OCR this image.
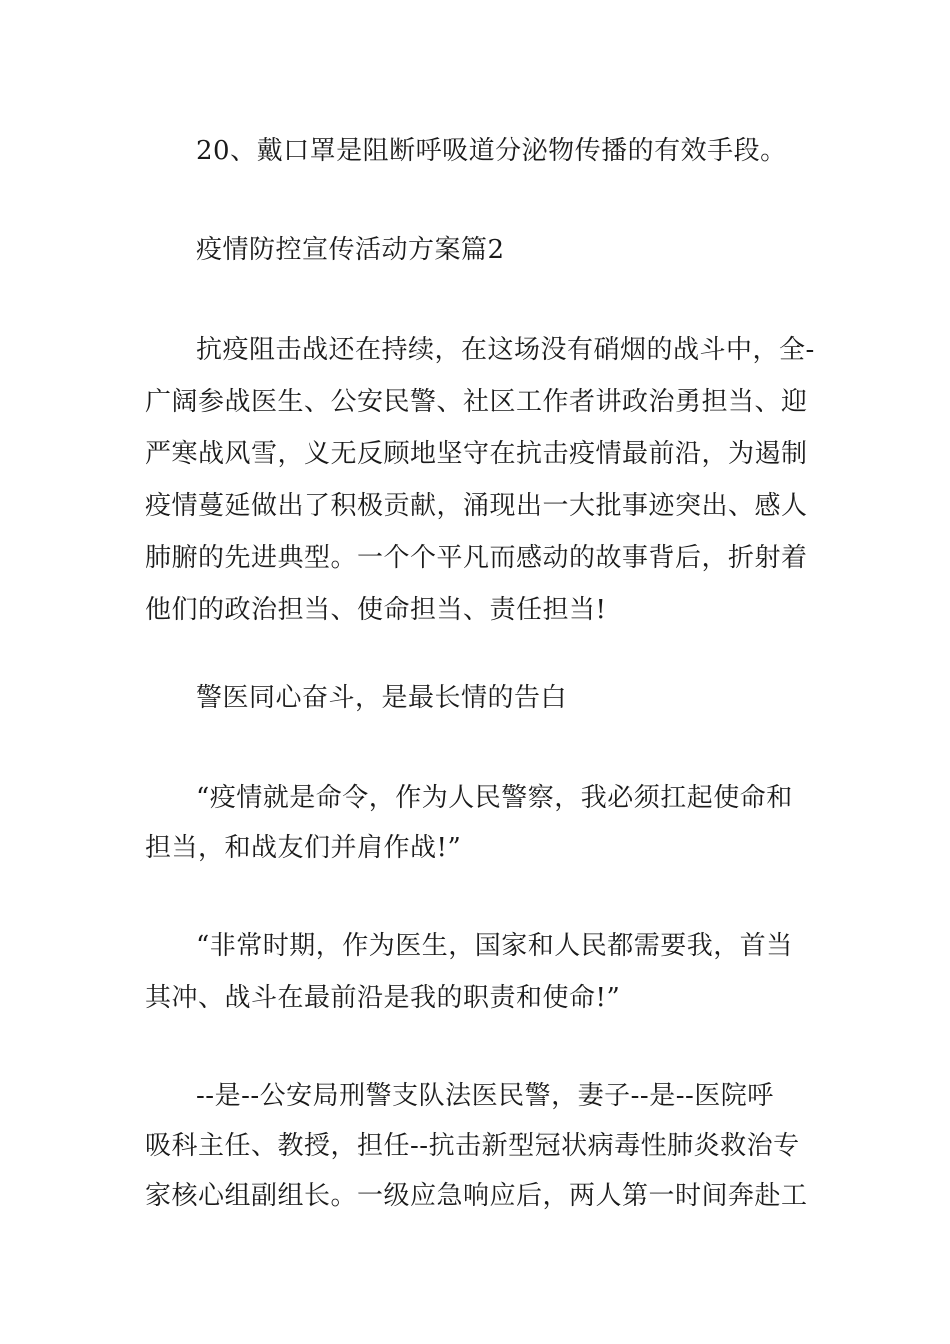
20、戴口罩是阻断呼吸道分泌物传播的有效手段。
疫情防控宣传活动方案篇2
抗疫阻击战还在持续，在这场没有硝烟的战斗中，全-
广阔参战医生、公安民警、社区工作者讲政治勇担当、迎
严寒战风雪，义无反顾地坚守在抗击疫情最前沿，为遏制
疫情蔓延做出了积极贡献，涌现出一大批事迹突出、感人
肺腑的先进典型。一个个平凡而感动的故事背后，折射着
他们的政治担当、使命担当、责任担当!
警医同心奋斗，是最长情的告白
“疫情就是命令，作为人民警察，我必须扛起使命和
担当，和战友们并肩作战!”
“非常时期，作为医生，国家和人民都需要我，首当
其冲、战斗在最前沿是我的职责和使命!”
--是--公安局刑警支队法医民警，妻子--是--医院呼
吸科主任、教授，担任--抗击新型冠状病毒性肺炎救治专
家核心组副组长。一级应急响应后，两人第一时间奔赴工
